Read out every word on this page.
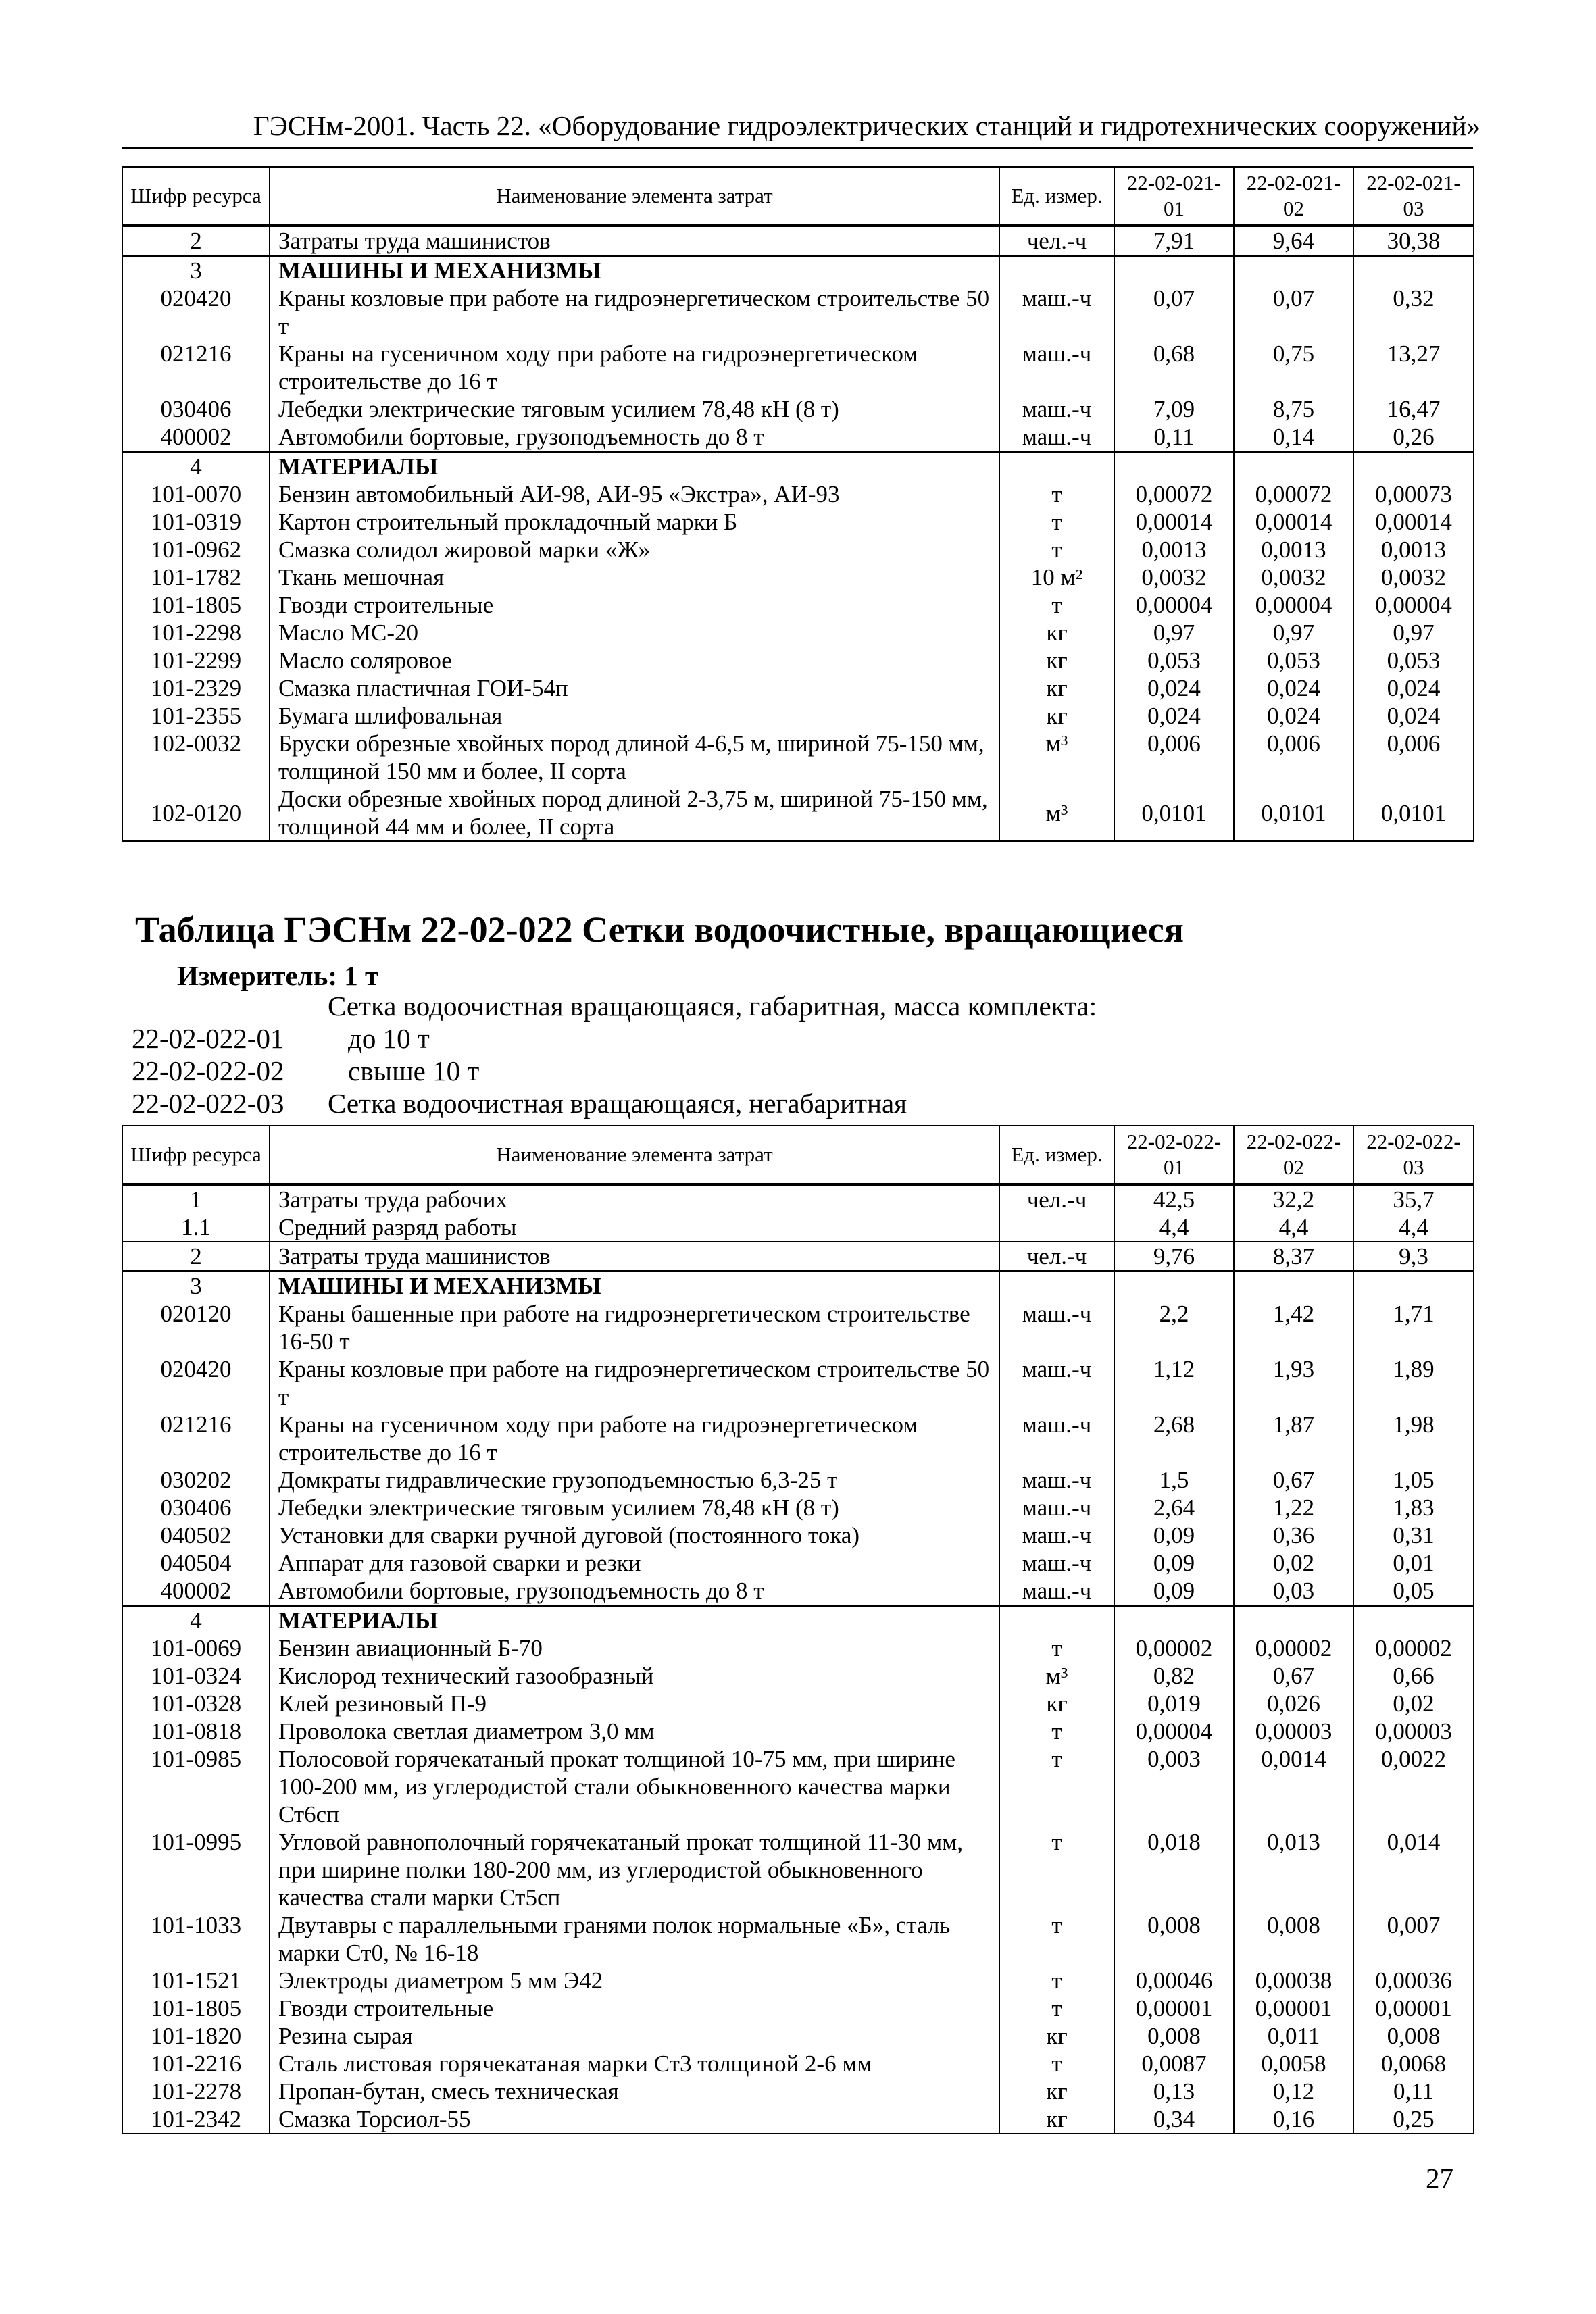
ГЭСНм-2001. Часть 22. «Оборудование гидроэлектрических станций и гидротехнических сооружений»
Шифр ресурса	Наименование элемента затрат	Ед. измер.	22-02-021-01	22-02-021-02	22-02-021-03
2	Затраты труда машинистов	чел.-ч	7,91	9,64	30,38
3	МАШИНЫ И МЕХАНИЗМЫ				
020420	Краны козловые при работе на гидроэнергетическом строительстве 50 т	маш.-ч	0,07	0,07	0,32
021216	Краны на гусеничном ходу при работе на гидроэнергетическом строительстве до 16 т	маш.-ч	0,68	0,75	13,27
030406	Лебедки электрические тяговым усилием 78,48 кН (8 т)	маш.-ч	7,09	8,75	16,47
400002	Автомобили бортовые, грузоподъемность до 8 т	маш.-ч	0,11	0,14	0,26
4	МАТЕРИАЛЫ				
101-0070	Бензин автомобильный АИ-98, АИ-95 «Экстра», АИ-93	т	0,00072	0,00072	0,00073
101-0319	Картон строительный прокладочный марки Б	т	0,00014	0,00014	0,00014
101-0962	Смазка солидол жировой марки «Ж»	т	0,0013	0,0013	0,0013
101-1782	Ткань мешочная	10 м²	0,0032	0,0032	0,0032
101-1805	Гвозди строительные	т	0,00004	0,00004	0,00004
101-2298	Масло МС-20	кг	0,97	0,97	0,97
101-2299	Масло соляровое	кг	0,053	0,053	0,053
101-2329	Смазка пластичная ГОИ-54п	кг	0,024	0,024	0,024
101-2355	Бумага шлифовальная	кг	0,024	0,024	0,024
102-0032	Бруски обрезные хвойных пород длиной 4-6,5 м, шириной 75-150 мм, толщиной 150 мм и более, II сорта	м³	0,006	0,006	0,006
102-0120	Доски обрезные хвойных пород длиной 2-3,75 м, шириной 75-150 мм, толщиной 44 мм и более, II сорта	м³	0,0101	0,0101	0,0101
Таблица ГЭСНм 22-02-022 Сетки водоочистные, вращающиеся
Измеритель: 1 т
Сетка водоочистная вращающаяся, габаритная, масса комплекта:
22-02-022-01 до 10 т
22-02-022-02 свыше 10 т
22-02-022-03 Сетка водоочистная вращающаяся, негабаритная
Шифр ресурса	Наименование элемента затрат	Ед. измер.	22-02-022-01	22-02-022-02	22-02-022-03
1	Затраты труда рабочих	чел.-ч	42,5	32,2	35,7
1.1	Средний разряд работы		4,4	4,4	4,4
2	Затраты труда машинистов	чел.-ч	9,76	8,37	9,3
3	МАШИНЫ И МЕХАНИЗМЫ				
020120	Краны башенные при работе на гидроэнергетическом строительстве 16-50 т	маш.-ч	2,2	1,42	1,71
020420	Краны козловые при работе на гидроэнергетическом строительстве 50 т	маш.-ч	1,12	1,93	1,89
021216	Краны на гусеничном ходу при работе на гидроэнергетическом строительстве до 16 т	маш.-ч	2,68	1,87	1,98
030202	Домкраты гидравлические грузоподъемностью 6,3-25 т	маш.-ч	1,5	0,67	1,05
030406	Лебедки электрические тяговым усилием 78,48 кН (8 т)	маш.-ч	2,64	1,22	1,83
040502	Установки для сварки ручной дуговой (постоянного тока)	маш.-ч	0,09	0,36	0,31
040504	Аппарат для газовой сварки и резки	маш.-ч	0,09	0,02	0,01
400002	Автомобили бортовые, грузоподъемность до 8 т	маш.-ч	0,09	0,03	0,05
4	МАТЕРИАЛЫ				
101-0069	Бензин авиационный Б-70	т	0,00002	0,00002	0,00002
101-0324	Кислород технический газообразный	м³	0,82	0,67	0,66
101-0328	Клей резиновый П-9	кг	0,019	0,026	0,02
101-0818	Проволока светлая диаметром 3,0 мм	т	0,00004	0,00003	0,00003
101-0985	Полосовой горячекатаный прокат толщиной 10-75 мм, при ширине 100-200 мм, из углеродистой стали обыкновенного качества марки Ст6сп	т	0,003	0,0014	0,0022
101-0995	Угловой равнополочный горячекатаный прокат толщиной 11-30 мм, при ширине полки 180-200 мм, из углеродистой обыкновенного качества стали марки Ст5сп	т	0,018	0,013	0,014
101-1033	Двутавры с параллельными гранями полок нормальные «Б», сталь марки Ст0, № 16-18	т	0,008	0,008	0,007
101-1521	Электроды диаметром 5 мм Э42	т	0,00046	0,00038	0,00036
101-1805	Гвозди строительные	т	0,00001	0,00001	0,00001
101-1820	Резина сырая	кг	0,008	0,011	0,008
101-2216	Сталь листовая горячекатаная марки Ст3 толщиной 2-6 мм	т	0,0087	0,0058	0,0068
101-2278	Пропан-бутан, смесь техническая	кг	0,13	0,12	0,11
101-2342	Смазка Торсиол-55	кг	0,34	0,16	0,25
27
